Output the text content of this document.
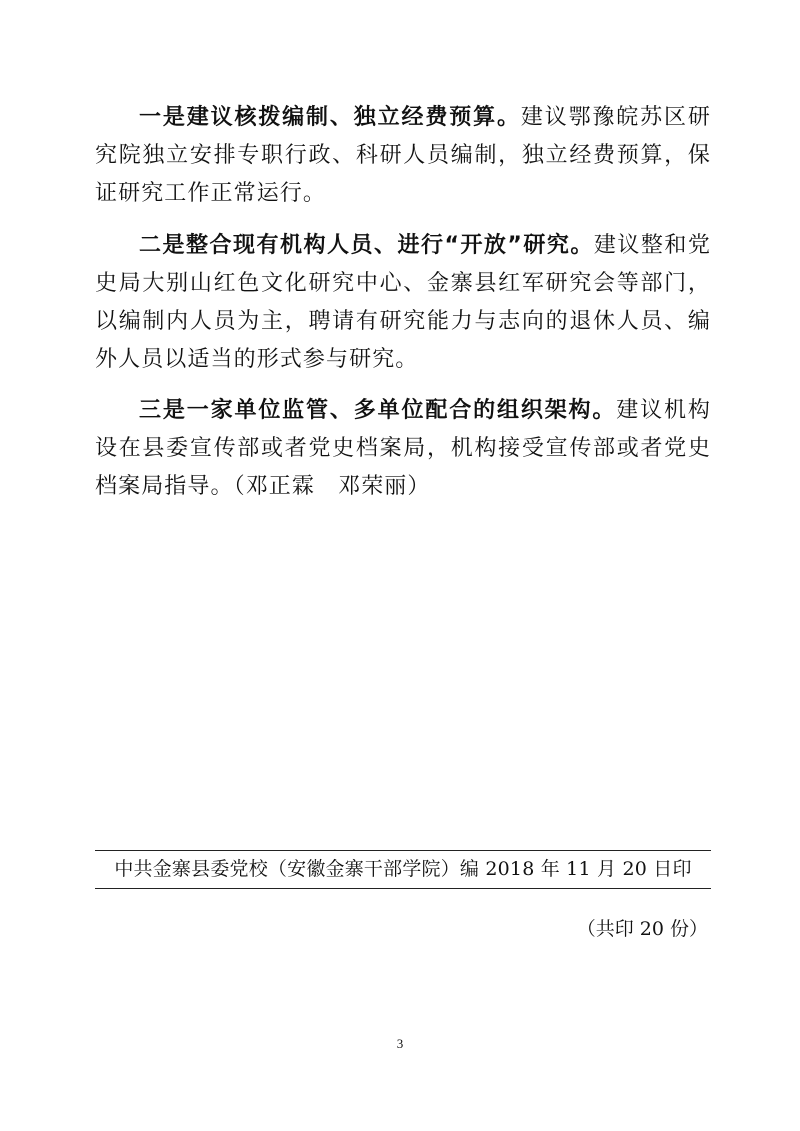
一是建议核拨编制、独立经费预算。建议鄂豫皖苏区研究院独立安排专职行政、科研人员编制，独立经费预算，保证研究工作正常运行。

二是整合现有机构人员、进行“开放”研究。建议整和党史局大别山红色文化研究中心、金寨县红军研究会等部门，以编制内人员为主，聘请有研究能力与志向的退休人员、编外人员以适当的形式参与研究。

三是一家单位监管、多单位配合的组织架构。建议机构设在县委宣传部或者党史档案局，机构接受宣传部或者党史档案局指导。（邓正霖　邓荣丽）

中共金寨县委党校（安徽金寨干部学院）编 2018 年 11 月 20 日印
（共印 20 份）
3
